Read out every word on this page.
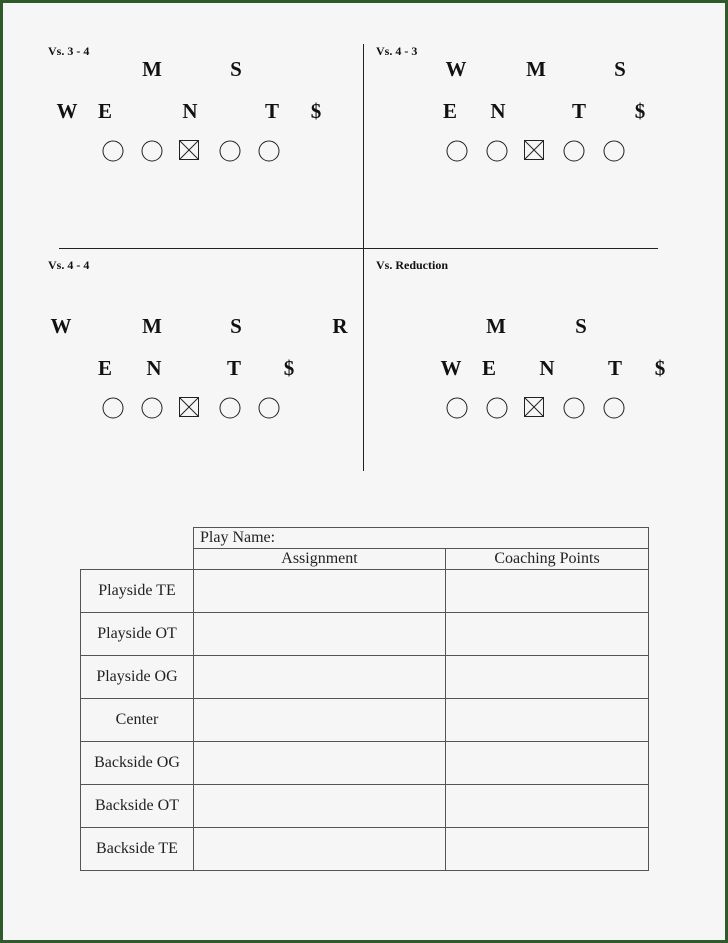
Vs. 3 - 4	Vs. 4 - 3
Vs. 4 - 4	Vs. Reduction
M	S
W E	N	T $
W	M	S
E N	T $
W	M	S	R
E N	T $
M	S
W E N	T $
	Play Name:	
	Assignment	Coaching Points
Playside TE		
Playside OT		
Playside OG		
Center		
Backside OG		
Backside OT		
Backside TE		
